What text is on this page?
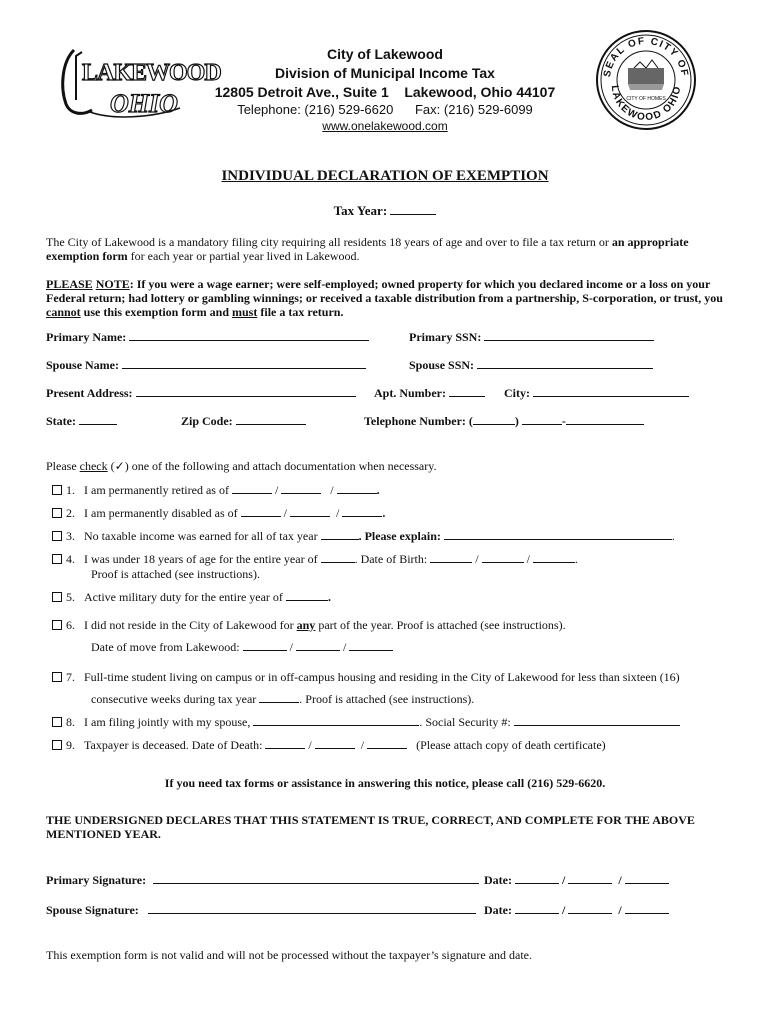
LAKEWOOD
OHIO
SEAL OF CITY OF
LAKEWOOD OHIO
CITY OF HOMES
City of Lakewood
Division of Municipal Income Tax
12805 Detroit Ave., Suite 1    Lakewood, Ohio 44107
Telephone: (216) 529-6620      Fax: (216) 529-6099
www.onelakewood.com
INDIVIDUAL DECLARATION OF EXEMPTION
Tax Year:
The City of Lakewood is a mandatory filing city requiring all residents 18 years of age and over to file a tax return or an appropriate exemption form for each year or partial year lived in Lakewood.
PLEASE NOTE: If you were a wage earner; were self-employed; owned property for which you declared income or a loss on your Federal return; had lottery or gambling winnings; or received a taxable distribution from a partnership, S-corporation, or trust, you cannot use this exemption form and must file a tax return.
Primary Name:	Primary SSN:
Spouse Name:	Spouse SSN:
Present Address:	Apt. Number:	City:
State:	Zip Code:	Telephone Number: (	)	-
Please check (✓) one of the following and attach documentation when necessary.
1. I am permanently retired as of	/	/	.
2. I am permanently disabled as of	/	/	.
3. No taxable income was earned for all of tax year	. Please explain:	.
4. I was under 18 years of age for the entire year of	. Date of Birth:	/	/	.
Proof is attached (see instructions).
5. Active military duty for the entire year of	.
6. I did not reside in the City of Lakewood for any part of the year. Proof is attached (see instructions).
Date of move from Lakewood:	/	/
7. Full-time student living on campus or in off-campus housing and residing in the City of Lakewood for less than sixteen (16)
consecutive weeks during tax year	. Proof is attached (see instructions).
8. I am filing jointly with my spouse,	. Social Security #:
9. Taxpayer is deceased. Date of Death:	/	/	(Please attach copy of death certificate)
If you need tax forms or assistance in answering this notice, please call (216) 529-6620.
THE UNDERSIGNED DECLARES THAT THIS STATEMENT IS TRUE, CORRECT, AND COMPLETE FOR THE ABOVE MENTIONED YEAR.
Primary Signature:	Date:	/	/
Spouse Signature:	Date:	/	/
This exemption form is not valid and will not be processed without the taxpayer’s signature and date.
